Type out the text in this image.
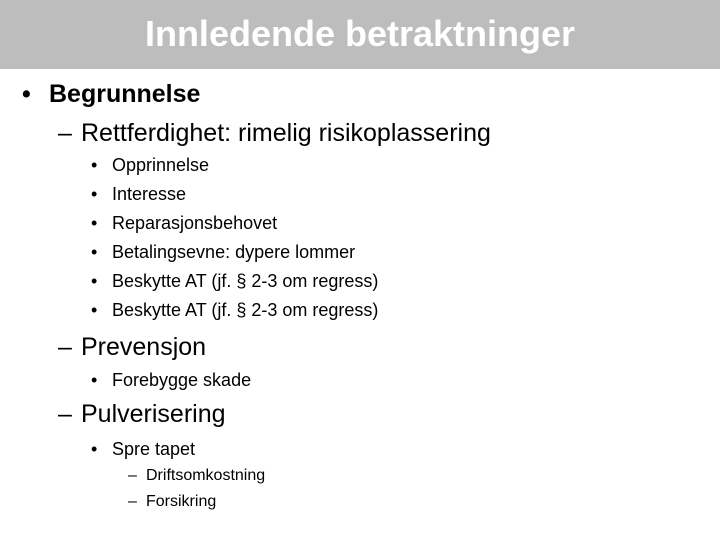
Innledende betraktninger
• Begrunnelse
– Rettferdighet: rimelig risikoplassering
• Opprinnelse
• Interesse
• Reparasjonsbehovet
• Betalingsevne: dypere lommer
• Beskytte AT (jf. § 2-3 om regress)
• Beskytte AT (jf. § 2-3 om regress)
– Prevensjon
• Forebygge skade
– Pulverisering
• Spre tapet
– Driftsomkostning
– Forsikring
